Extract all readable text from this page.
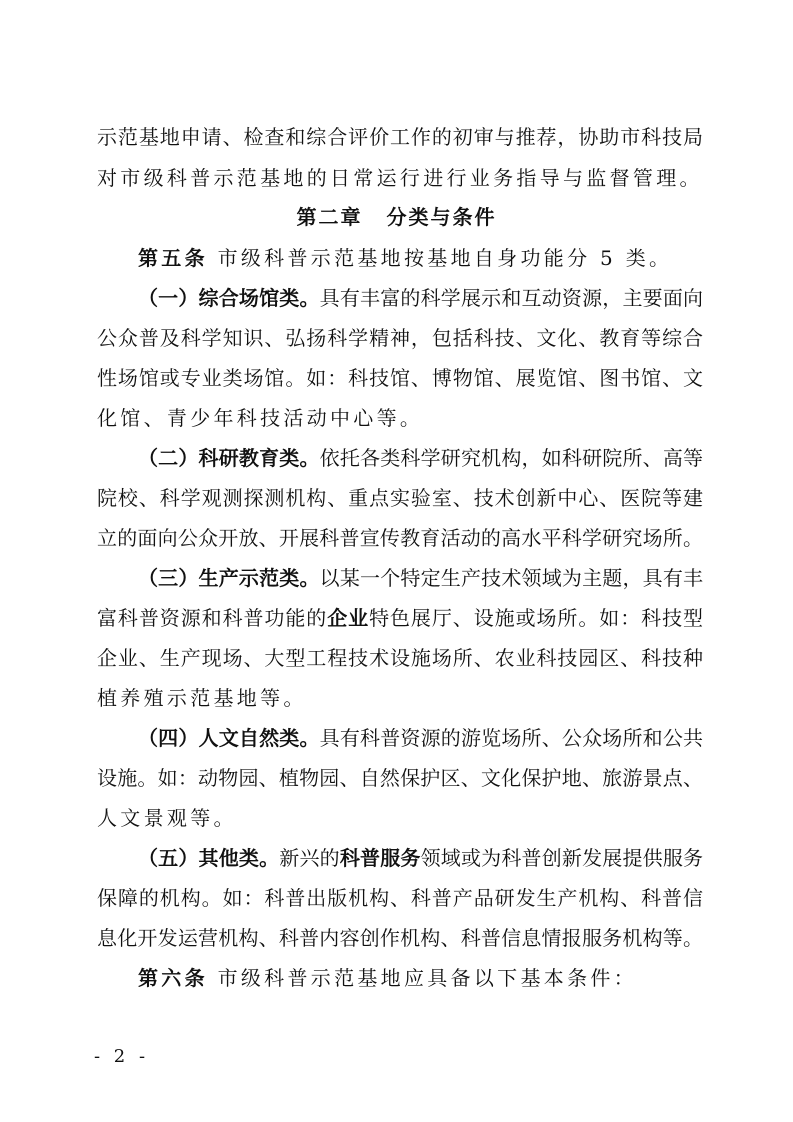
示范基地申请、检查和综合评价工作的初审与推荐，协助市科技局
对市级科普示范基地的日常运行进行业务指导与监督管理。
第二章 分类与条件
第五条 市级科普示范基地按基地自身功能分 5 类。
（一）综合场馆类。具有丰富的科学展示和互动资源，主要面向
公众普及科学知识、弘扬科学精神，包括科技、文化、教育等综合
性场馆或专业类场馆。如：科技馆、博物馆、展览馆、图书馆、文
化馆、青少年科技活动中心等。
（二）科研教育类。依托各类科学研究机构，如科研院所、高等
院校、科学观测探测机构、重点实验室、技术创新中心、医院等建
立的面向公众开放、开展科普宣传教育活动的高水平科学研究场所。
（三）生产示范类。以某一个特定生产技术领域为主题，具有丰
富科普资源和科普功能的企业特色展厅、设施或场所。如：科技型
企业、生产现场、大型工程技术设施场所、农业科技园区、科技种
植养殖示范基地等。
（四）人文自然类。具有科普资源的游览场所、公众场所和公共
设施。如：动物园、植物园、自然保护区、文化保护地、旅游景点、
人文景观等。
（五）其他类。新兴的科普服务领域或为科普创新发展提供服务
保障的机构。如：科普出版机构、科普产品研发生产机构、科普信
息化开发运营机构、科普内容创作机构、科普信息情报服务机构等。
第六条 市级科普示范基地应具备以下基本条件：
- 2 -
